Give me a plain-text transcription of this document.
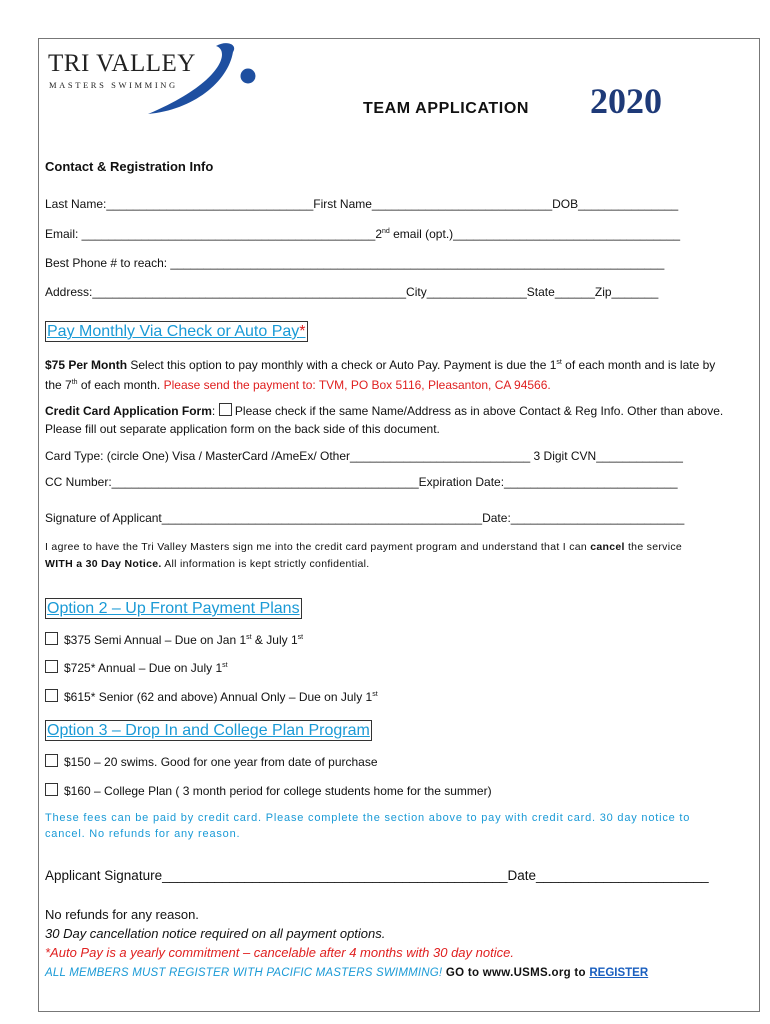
TRI VALLEY
MASTERS SWIMMING
TEAM APPLICATION 2020
Contact & Registration Info
Last Name:_______________________________First Name___________________________DOB_______________
Email: ____________________________________________2nd email (opt.)__________________________________
Best Phone # to reach: __________________________________________________________________________
Address:_______________________________________________City_______________State______Zip_______
Pay Monthly Via Check or Auto Pay*
$75 Per Month Select this option to pay monthly with a check or Auto Pay. Payment is due the 1st of each month and is late by the 7th of each month. Please send the payment to: TVM, PO Box 5116, Pleasanton, CA 94566.
Credit Card Application Form:  Please check if the same Name/Address as in above Contact & Reg Info. Other than above. Please fill out separate application form on the back side of this document.
Card Type: (circle One) Visa / MasterCard /AmeEx/ Other___________________________ 3 Digit CVN_____________
CC Number:______________________________________________Expiration Date:__________________________
Signature of Applicant________________________________________________Date:__________________________
I agree to have the Tri Valley Masters sign me into the credit card payment program and understand that I can cancel the service
WITH a 30 Day Notice. All information is kept strictly confidential.
Option 2 – Up Front Payment Plans
$375 Semi Annual – Due on Jan 1st & July 1st
$725* Annual – Due on July 1st
$615* Senior (62 and above) Annual Only – Due on July 1st
Option 3 – Drop In and College Plan Program
$150 – 20 swims. Good for one year from date of purchase
$160 – College Plan ( 3 month period for college students home for the summer)
These fees can be paid by credit card. Please complete the section above to pay with credit card. 30 day notice to cancel. No refunds for any reason.
Applicant Signature______________________________________________Date_______________________
No refunds for any reason.
30 Day cancellation notice required on all payment options.
*Auto Pay is a yearly commitment – cancelable after 4 months with 30 day notice.
ALL MEMBERS MUST REGISTER WITH PACIFIC MASTERS SWIMMING! GO to www.USMS.org to REGISTER
